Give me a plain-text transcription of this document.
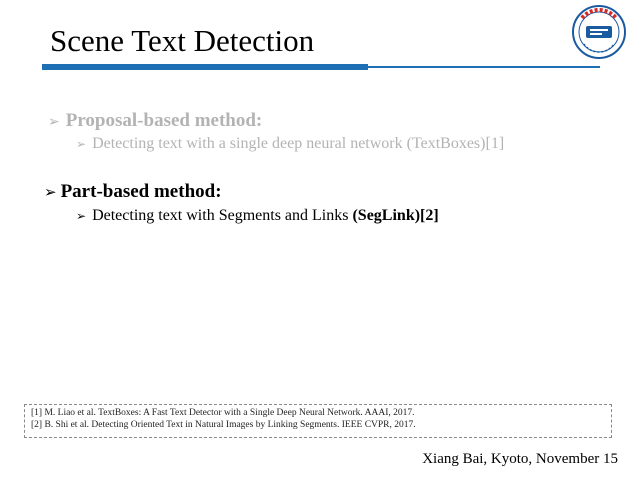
Scene Text Detection
➢ Proposal-based method:
➢ Detecting text with a single deep neural network (TextBoxes)[1]
➢ Part-based method:
➢ Detecting text with Segments and Links (SegLink)[2]
[1] M. Liao et al. TextBoxes: A Fast Text Detector with a Single Deep Neural Network. AAAI, 2017.
[2] B. Shi et al. Detecting Oriented Text in Natural Images by Linking Segments. IEEE CVPR, 2017.
Xiang Bai, Kyoto, November 15
